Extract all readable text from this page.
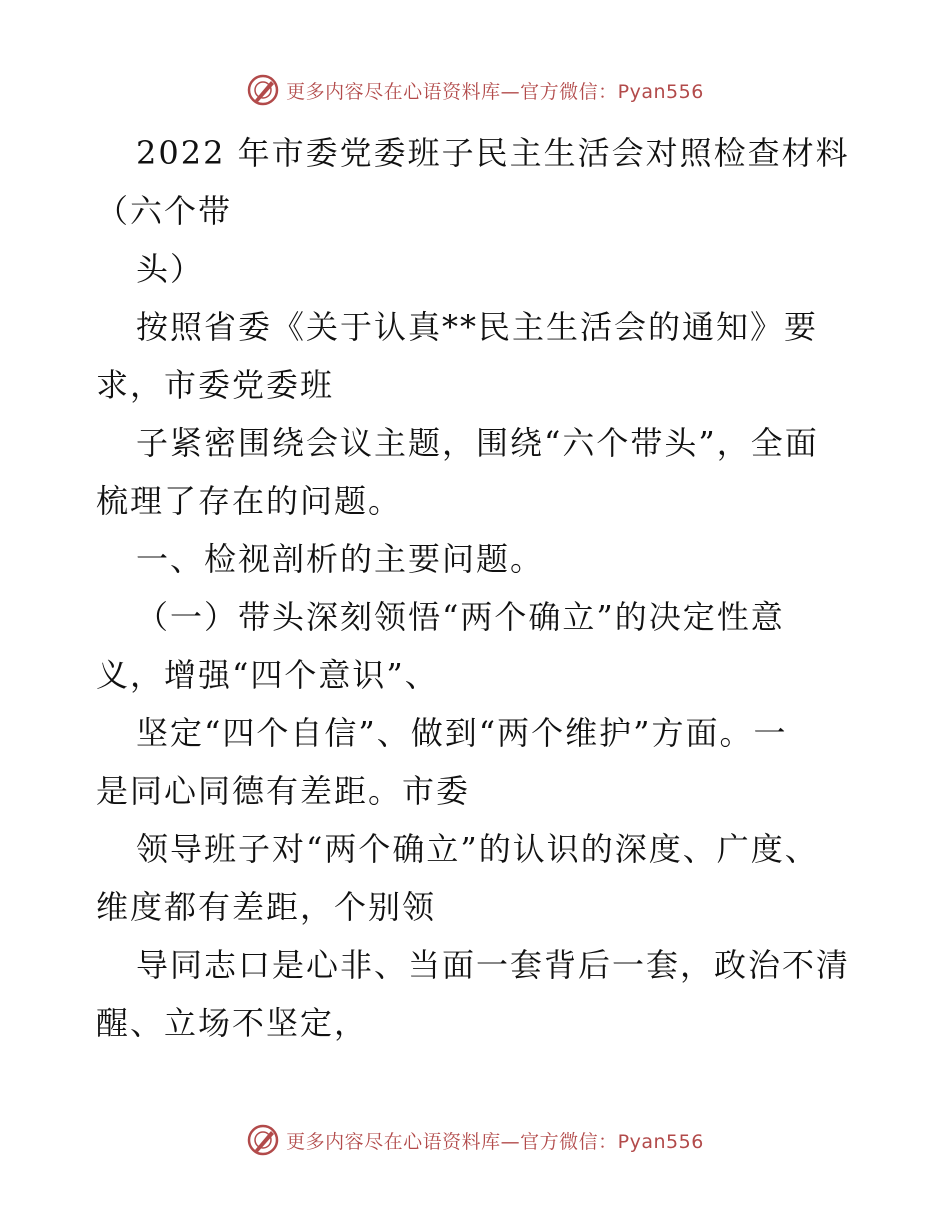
更多内容尽在心语资料库—官方微信：Pyan556
2022 年市委党委班子民主生活会对照检查材料
（六个带
头）
按照省委《关于认真**民主生活会的通知》要
求，市委党委班
子紧密围绕会议主题，围绕“六个带头”，全面
梳理了存在的问题。
一、检视剖析的主要问题。
（一）带头深刻领悟“两个确立”的决定性意
义，增强“四个意识”、
坚定“四个自信”、做到“两个维护”方面。一
是同心同德有差距。市委
领导班子对“两个确立”的认识的深度、广度、
维度都有差距，个别领
导同志口是心非、当面一套背后一套，政治不清
醒、立场不坚定，
更多内容尽在心语资料库—官方微信：Pyan556
